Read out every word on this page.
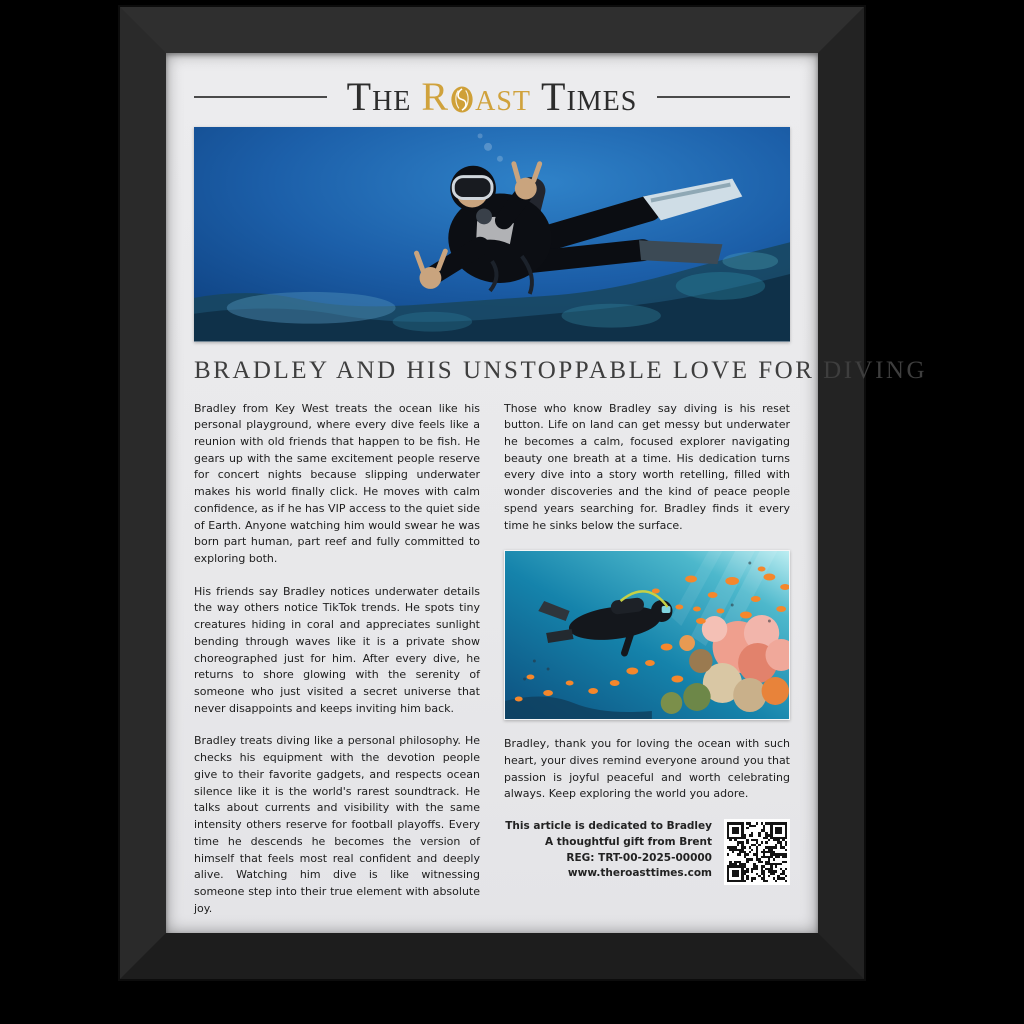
The R ast Times
BRADLEY AND HIS UNSTOPPABLE LOVE FOR DIVING

Bradley from Key West treats the ocean like his personal playground, where every dive feels like a reunion with old friends that happen to be fish. He gears up with the same excitement people reserve for concert nights because slipping underwater makes his world finally click. He moves with calm confidence, as if he has VIP access to the quiet side of Earth. Anyone watching him would swear he was born part human, part reef and fully committed to exploring both.

His friends say Bradley notices underwater details the way others notice TikTok trends. He spots tiny creatures hiding in coral and appreciates sunlight bending through waves like it is a private show choreographed just for him. After every dive, he returns to shore glowing with the serenity of someone who just visited a secret universe that never disappoints and keeps inviting him back.

Bradley treats diving like a personal philosophy. He checks his equipment with the devotion people give to their favorite gadgets, and respects ocean silence like it is the world's rarest soundtrack. He talks about currents and visibility with the same intensity others reserve for football playoffs. Every time he descends he becomes the version of himself that feels most real confident and deeply alive. Watching him dive is like witnessing someone step into their true element with absolute joy.

Those who know Bradley say diving is his reset button. Life on land can get messy but underwater he becomes a calm, focused explorer navigating beauty one breath at a time. His dedication turns every dive into a story worth retelling, filled with wonder discoveries and the kind of peace people spend years searching for. Bradley finds it every time he sinks below the surface.

Bradley, thank you for loving the ocean with such heart, your dives remind everyone around you that passion is joyful peaceful and worth celebrating always. Keep exploring the world you adore.

This article is dedicated to Bradley
A thoughtful gift from Brent
REG: TRT-00-2025-00000
www.theroasttimes.com
